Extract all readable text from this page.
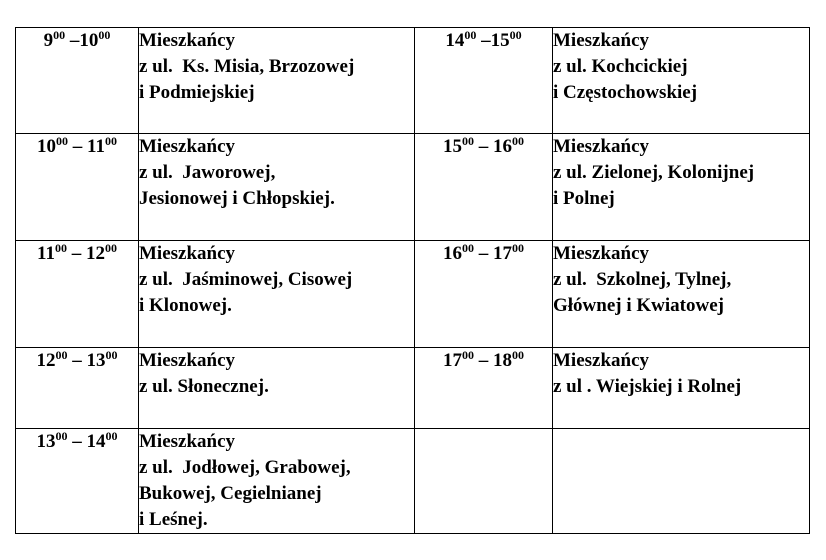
$9^{00}$ $-10^{00}$	Mieszkańcy
z ul.  Ks. Misia, Brzozowej
i Podmiejskiej	$14^{00}$ $-15^{00}$	Mieszkańcy
z ul. Kochcickiej
i Częstochowskiej

$10^{00} - 11^{00}$	Mieszkańcy
z ul.  Jaworowej,
Jesionowej i Chłopskiej.	$15^{00} - 16^{00}$	Mieszkańcy
z ul. Zielonej, Kolonijnej
i Polnej

$11^{00} - 12^{00}$	Mieszkańcy
z ul.  Jaśminowej, Cisowej
i Klonowej.	$16^{00} - 17^{00}$	Mieszkańcy
z ul.  Szkolnej, Tylnej,
Głównej i Kwiatowej

$12^{00} - 13^{00}$	Mieszkańcy
z ul. Słonecznej.	$17^{00} - 18^{00}$	Mieszkańcy
z ul . Wiejskiej i Rolnej

$13^{00} - 14^{00}$	Mieszkańcy
z ul.  Jodłowej, Grabowej,
Bukowej, Cegielnianej
i Leśnej.		
